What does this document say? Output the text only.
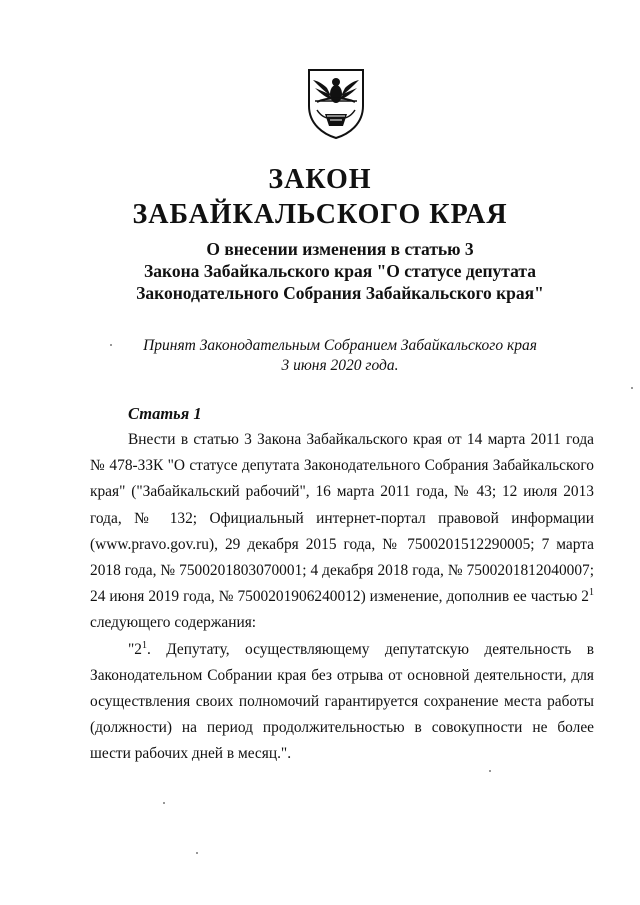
ЗАКОН
ЗАБАЙКАЛЬСКОГО КРАЯ
О внесении изменения в статью 3
Закона Забайкальского края "О статусе депутата
Законодательного Собрания Забайкальского края"
Принят Законодательным Собранием Забайкальского края
3 июня 2020 года.
Статья 1

Внести в статью 3 Закона Забайкальского края от 14 марта 2011 года № 478-ЗЗК "О статусе депутата Законодательного Собрания Забайкальского края" ("Забайкальский рабочий", 16 марта 2011 года, № 43; 12 июля 2013 года, № 132; Официальный интернет-портал правовой информации (www.pravo.gov.ru), 29 декабря 2015 года, № 7500201512290005; 7 марта 2018 года, № 7500201803070001; 4 декабря 2018 года, № 7500201812040007; 24 июня 2019 года, № 7500201906240012) изменение, дополнив ее частью $2^1$ следующего содержания:

"$2^1$. Депутату, осуществляющему депутатскую деятельность в Законодательном Собрании края без отрыва от основной деятельности, для осуществления своих полномочий гарантируется сохранение места работы (должности) на период продолжительностью в совокупности не более шести рабочих дней в месяц.".
